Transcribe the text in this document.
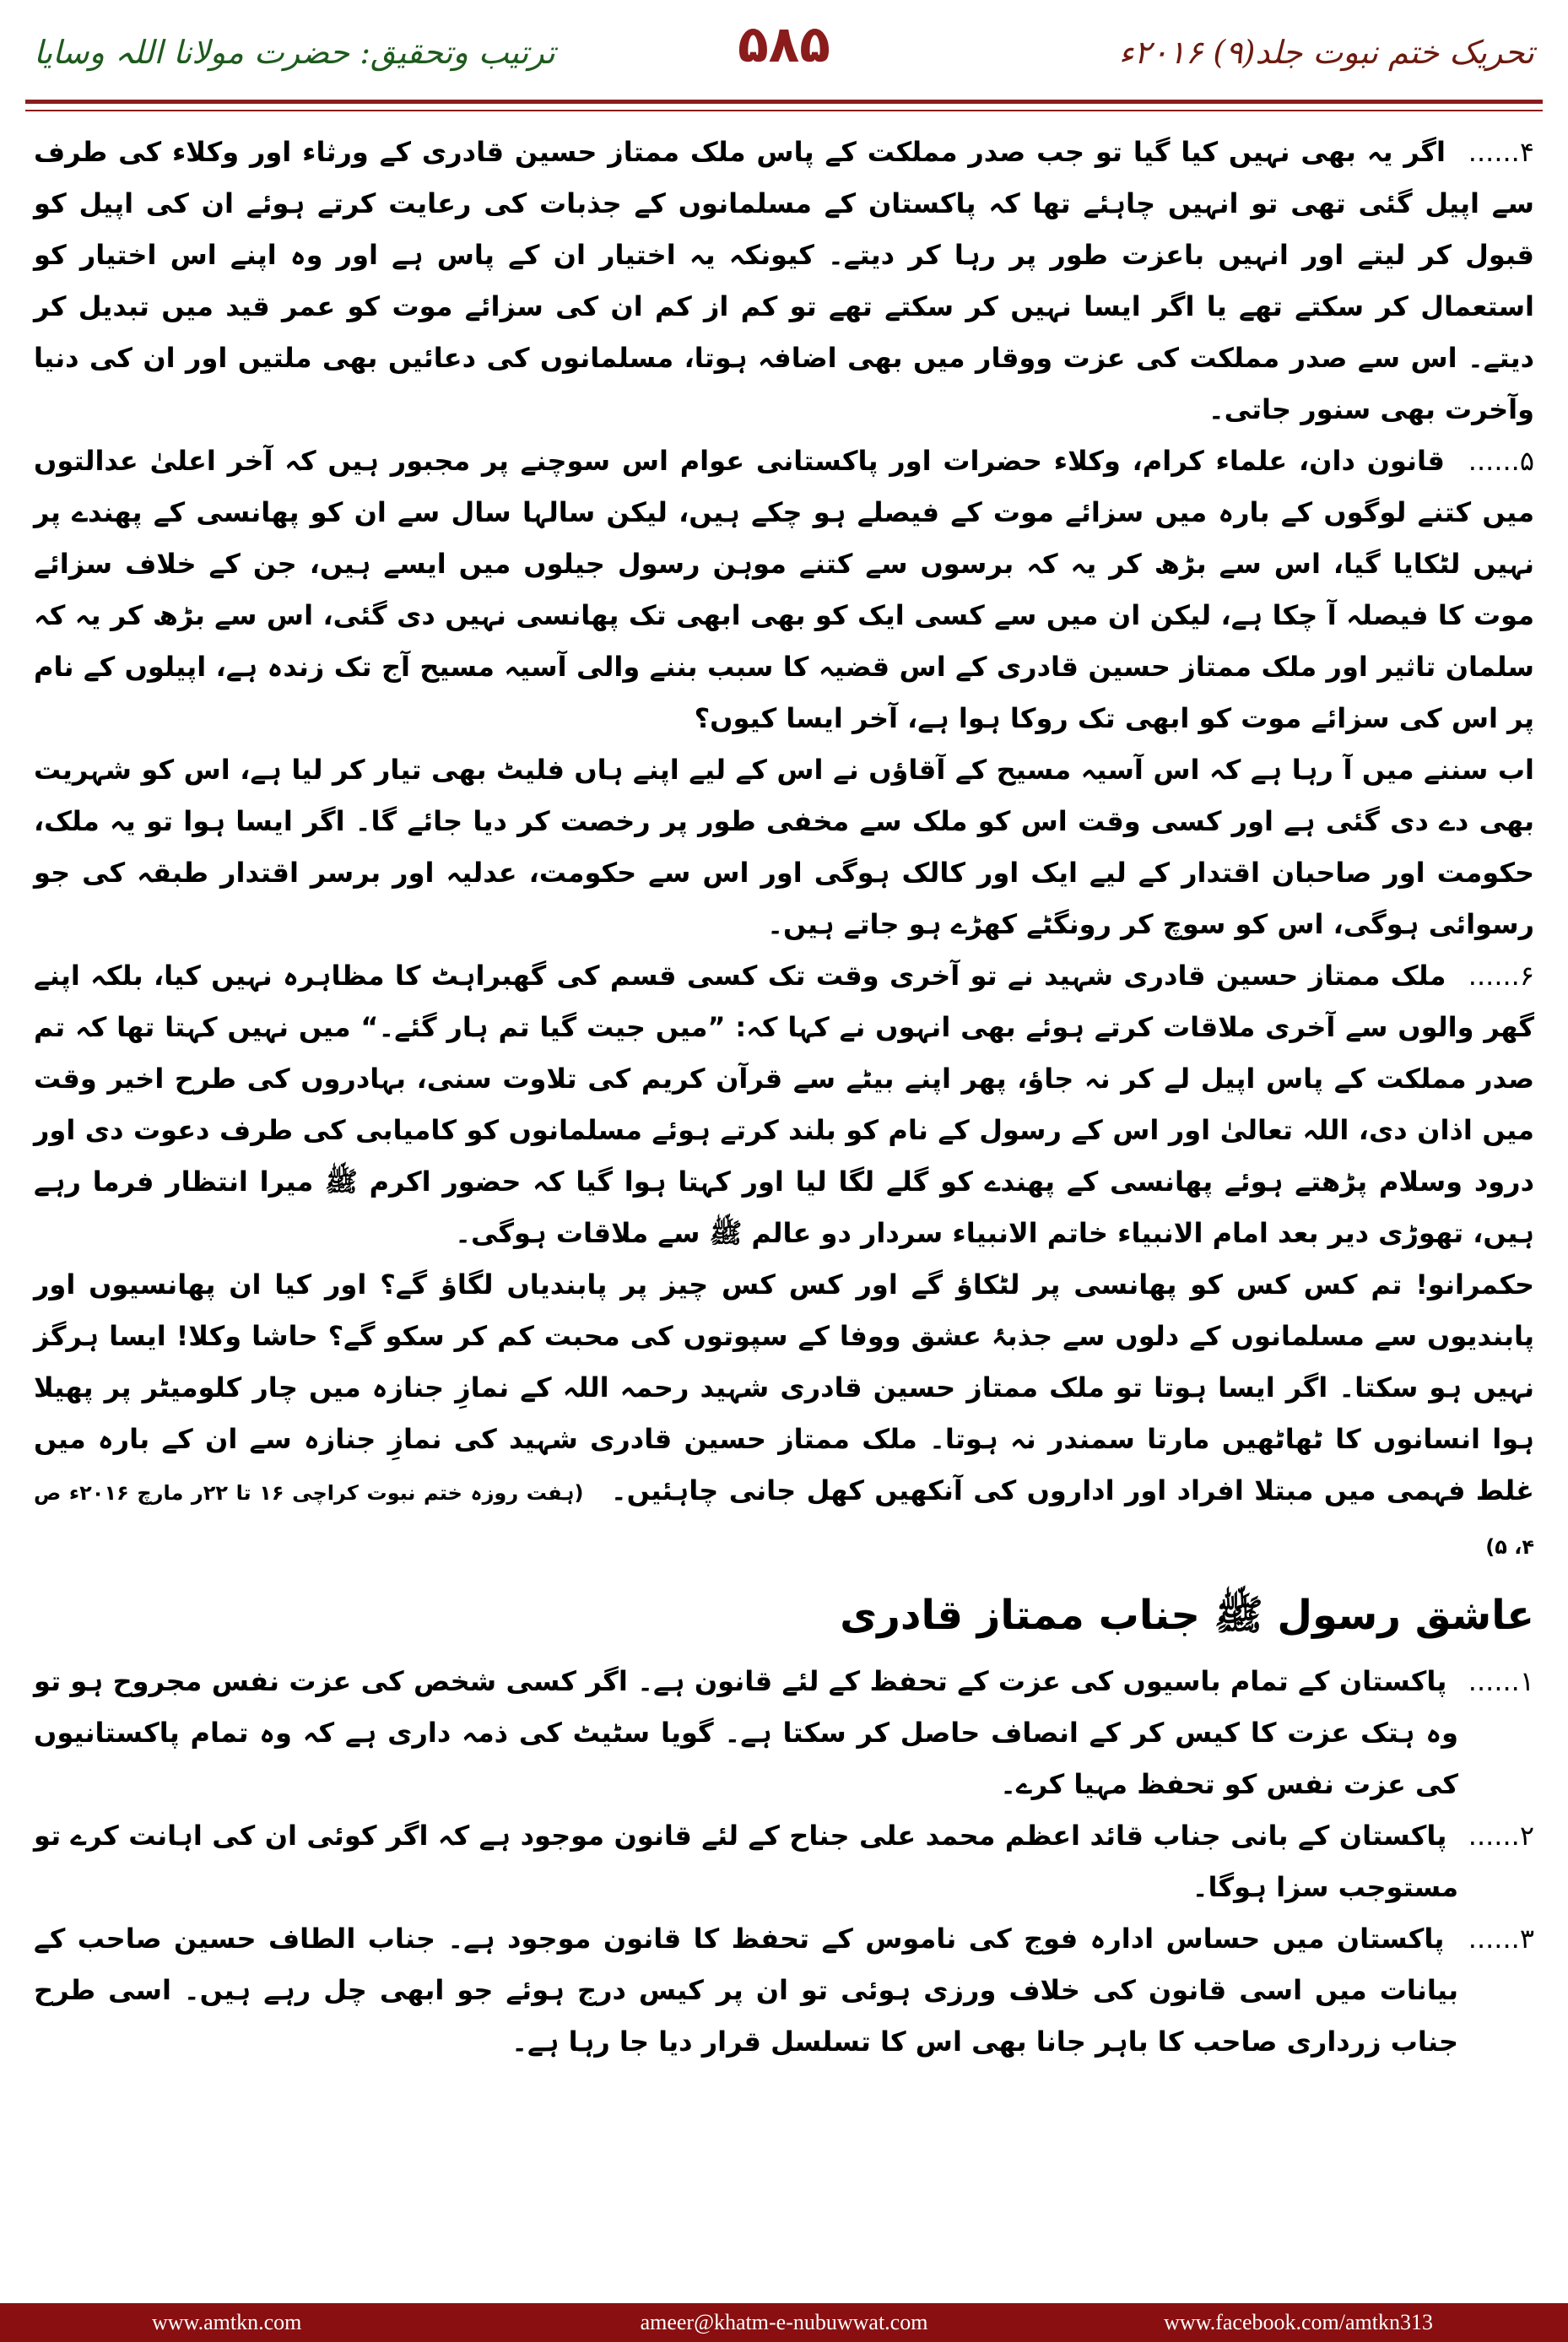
تحریک ختم نبوت جلد(۹) ۲۰۱۶ء
۵۸۵
ترتیب وتحقیق: حضرت مولانا اللہ وسایا

۴...... اگر یہ بھی نہیں کیا گیا تو جب صدر مملکت کے پاس ملک ممتاز حسین قادری کے ورثاء اور وکلاء کی طرف سے اپیل گئی تھی تو انہیں چاہئے تھا کہ پاکستان کے مسلمانوں کے جذبات کی رعایت کرتے ہوئے ان کی اپیل کو قبول کر لیتے اور انہیں باعزت طور پر رہا کر دیتے۔ کیونکہ یہ اختیار ان کے پاس ہے اور وہ اپنے اس اختیار کو استعمال کر سکتے تھے یا اگر ایسا نہیں کر سکتے تھے تو کم از کم ان کی سزائے موت کو عمر قید میں تبدیل کر دیتے۔ اس سے صدر مملکت کی عزت ووقار میں بھی اضافہ ہوتا، مسلمانوں کی دعائیں بھی ملتیں اور ان کی دنیا وآخرت بھی سنور جاتی۔

۵...... قانون دان، علماء کرام، وکلاء حضرات اور پاکستانی عوام اس سوچنے پر مجبور ہیں کہ آخر اعلیٰ عدالتوں میں کتنے لوگوں کے بارہ میں سزائے موت کے فیصلے ہو چکے ہیں، لیکن سالہا سال سے ان کو پھانسی کے پھندے پر نہیں لٹکایا گیا، اس سے بڑھ کر یہ کہ برسوں سے کتنے موہن رسول جیلوں میں ایسے ہیں، جن کے خلاف سزائے موت کا فیصلہ آ چکا ہے، لیکن ان میں سے کسی ایک کو بھی ابھی تک پھانسی نہیں دی گئی، اس سے بڑھ کر یہ کہ سلمان تاثیر اور ملک ممتاز حسین قادری کے اس قضیہ کا سبب بننے والی آسیہ مسیح آج تک زندہ ہے، اپیلوں کے نام پر اس کی سزائے موت کو ابھی تک روکا ہوا ہے، آخر ایسا کیوں؟

اب سننے میں آ رہا ہے کہ اس آسیہ مسیح کے آقاؤں نے اس کے لیے اپنے ہاں فلیٹ بھی تیار کر لیا ہے، اس کو شہریت بھی دے دی گئی ہے اور کسی وقت اس کو ملک سے مخفی طور پر رخصت کر دیا جائے گا۔ اگر ایسا ہوا تو یہ ملک، حکومت اور صاحبان اقتدار کے لیے ایک اور کالک ہوگی اور اس سے حکومت، عدلیہ اور برسر اقتدار طبقہ کی جو رسوائی ہوگی، اس کو سوچ کر رونگٹے کھڑے ہو جاتے ہیں۔

۶...... ملک ممتاز حسین قادری شہید نے تو آخری وقت تک کسی قسم کی گھبراہٹ کا مظاہرہ نہیں کیا، بلکہ اپنے گھر والوں سے آخری ملاقات کرتے ہوئے بھی انہوں نے کہا کہ: ”میں جیت گیا تم ہار گئے۔“ میں نہیں کہتا تھا کہ تم صدر مملکت کے پاس اپیل لے کر نہ جاؤ، پھر اپنے بیٹے سے قرآن کریم کی تلاوت سنی، بہادروں کی طرح اخیر وقت میں اذان دی، اللہ تعالیٰ اور اس کے رسول کے نام کو بلند کرتے ہوئے مسلمانوں کو کامیابی کی طرف دعوت دی اور درود وسلام پڑھتے ہوئے پھانسی کے پھندے کو گلے لگا لیا اور کہتا ہوا گیا کہ حضور اکرم ﷺ میرا انتظار فرما رہے ہیں، تھوڑی دیر بعد امام الانبیاء خاتم الانبیاء سردار دو عالم ﷺ سے ملاقات ہوگی۔

حکمرانو! تم کس کس کو پھانسی پر لٹکاؤ گے اور کس کس چیز پر پابندیاں لگاؤ گے؟ اور کیا ان پھانسیوں اور پابندیوں سے مسلمانوں کے دلوں سے جذبۂ عشق ووفا کے سپوتوں کی محبت کم کر سکو گے؟ حاشا وکلا! ایسا ہرگز نہیں ہو سکتا۔ اگر ایسا ہوتا تو ملک ممتاز حسین قادری شہید رحمہ اللہ کے نمازِ جنازہ میں چار کلومیٹر پر پھیلا ہوا انسانوں کا ٹھاٹھیں مارتا سمندر نہ ہوتا۔ ملک ممتاز حسین قادری شہید کی نمازِ جنازہ سے ان کے بارہ میں غلط فہمی میں مبتلا افراد اور اداروں کی آنکھیں کھل جانی چاہئیں۔ (ہفت روزہ ختم نبوت کراچی ۱۶ تا ۲۲ر مارچ ۲۰۱۶ء ص ۴، ۵)

عاشق رسول ﷺ جناب ممتاز قادری

۱...... پاکستان کے تمام باسیوں کی عزت کے تحفظ کے لئے قانون ہے۔ اگر کسی شخص کی عزت نفس مجروح ہو تو وہ ہتک عزت کا کیس کر کے انصاف حاصل کر سکتا ہے۔ گویا سٹیٹ کی ذمہ داری ہے کہ وہ تمام پاکستانیوں کی عزت نفس کو تحفظ مہیا کرے۔

۲...... پاکستان کے بانی جناب قائد اعظم محمد علی جناح کے لئے قانون موجود ہے کہ اگر کوئی ان کی اہانت کرے تو مستوجب سزا ہوگا۔

۳...... پاکستان میں حساس ادارہ فوج کی ناموس کے تحفظ کا قانون موجود ہے۔ جناب الطاف حسین صاحب کے بیانات میں اسی قانون کی خلاف ورزی ہوئی تو ان پر کیس درج ہوئے جو ابھی چل رہے ہیں۔ اسی طرح جناب زرداری صاحب کا باہر جانا بھی اس کا تسلسل قرار دیا جا رہا ہے۔

www.amtkn.com	ameer@khatm-e-nubuwwat.com	www.facebook.com/amtkn313
